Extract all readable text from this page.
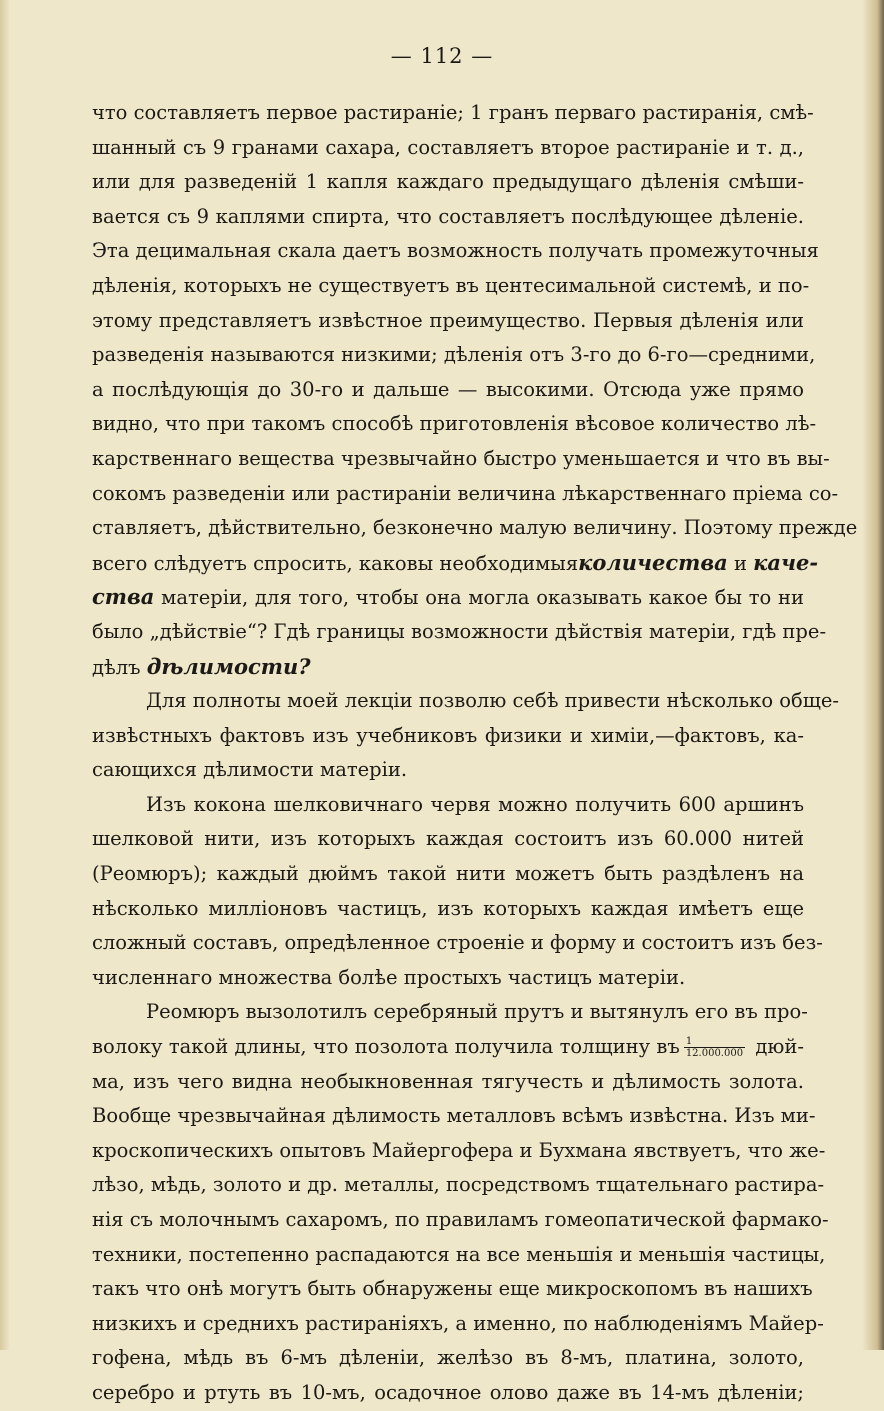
— 112 —
что составляетъ первое растираніе; 1 гранъ перваго растиранія, смѣ-
шанный съ 9 гранами сахара, составляетъ второе растираніе и т. д.,
или для разведеній 1 капля каждаго предыдущаго дѣленія смѣши-
вается съ 9 каплями спирта, что составляетъ послѣдующее дѣленіе.
Эта децимальная скала даетъ возможность получать промежуточныя
дѣленія, которыхъ не существуетъ въ центесимальной системѣ, и по-
этому представляетъ извѣстное преимущество. Первыя дѣленія или
разведенія называются низкими; дѣленія отъ 3-го до 6-го—средними,
а послѣдующія до 30-го и дальше — высокими. Отсюда уже прямо
видно, что при такомъ способѣ приготовленія вѣсовое количество лѣ-
карственнаго вещества чрезвычайно быстро уменьшается и что въ вы-
сокомъ разведеніи или растираніи величина лѣкарственнаго пріема со-
ставляетъ, дѣйствительно, безконечно малую величину. Поэтому прежде
всего слѣдуетъ спросить, каковы необходимыяколичества и каче-
ства матеріи, для того, чтобы она могла оказывать какое бы то ни
было „дѣйствіе“? Гдѣ границы возможности дѣйствія матеріи, гдѣ пре-
дѣлъ дѣлимости?
Для полноты моей лекціи позволю себѣ привести нѣсколько обще-
извѣстныхъ фактовъ изъ учебниковъ физики и химіи,—фактовъ, ка-
сающихся дѣлимости матеріи.
Изъ кокона шелковичнаго червя можно получить 600 аршинъ
шелковой нити, изъ которыхъ каждая состоитъ изъ 60.000 нитей
(Реомюръ); каждый дюймъ такой нити можетъ быть раздѣленъ на
нѣсколько милліоновъ частицъ, изъ которыхъ каждая имѣетъ еще
сложный составъ, опредѣленное строеніе и форму и состоитъ изъ без-
численнаго множества болѣе простыхъ частицъ матеріи.
Реомюръ вызолотилъ серебряный прутъ и вытянулъ его въ про-
волоку такой длины, что позолота получила толщину въ $\frac{1}{12.000.000} дюй-$
ма, изъ чего видна необыкновенная тягучесть и дѣлимость золота.
Вообще чрезвычайная дѣлимость металловъ всѣмъ извѣстна. Изъ ми-
кроскопическихъ опытовъ Майергофера и Бухмана явствуетъ, что же-
лѣзо, мѣдь, золото и др. металлы, посредствомъ тщательнаго растира-
нія съ молочнымъ сахаромъ, по правиламъ гомеопатической фармако-
техники, постепенно распадаются на все меньшія и меньшія частицы,
такъ что онѣ могутъ быть обнаружены еще микроскопомъ въ нашихъ
низкихъ и среднихъ растираніяхъ, а именно, по наблюденіямъ Майер-
гофена, мѣдь въ 6-мъ дѣленіи, желѣзо въ 8-мъ, платина, золото,
серебро и ртуть въ 10-мъ, осадочное олово даже въ 14-мъ дѣленіи;
